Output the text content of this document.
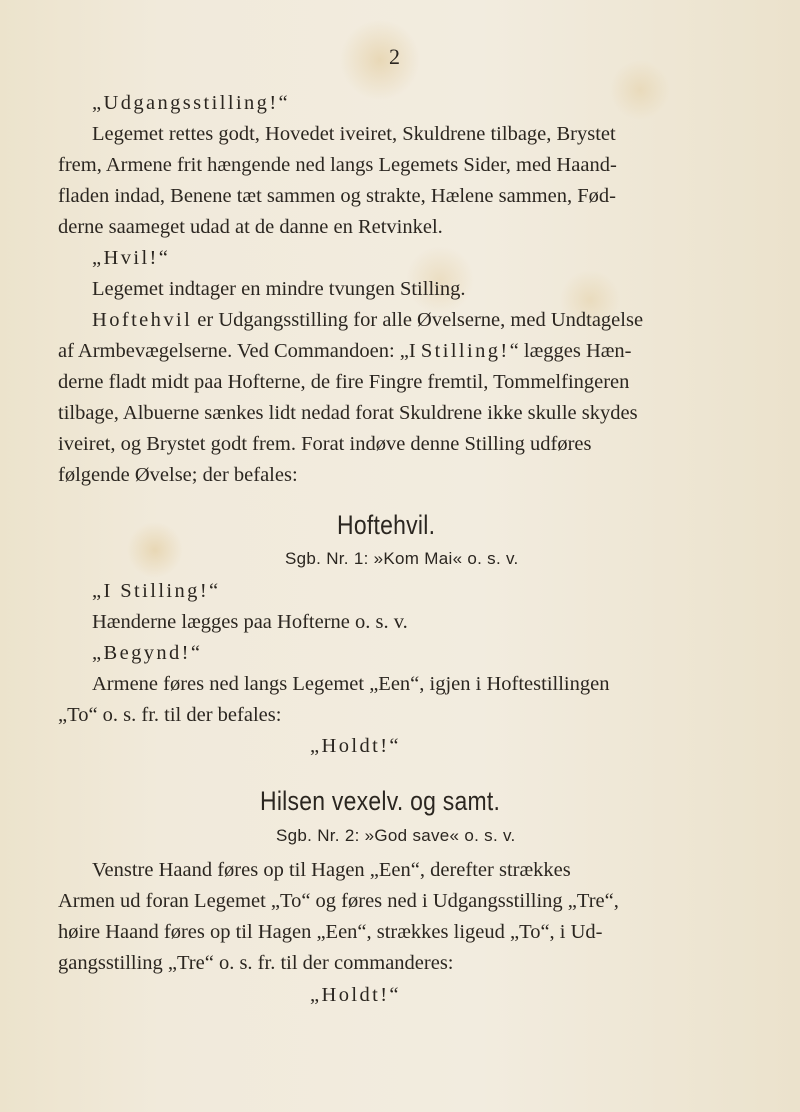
2
„Udgangsstilling!“
Legemet rettes godt, Hovedet iveiret, Skuldrene tilbage, Brystet
frem, Armene frit hængende ned langs Legemets Sider, med Haand-
fladen indad, Benene tæt sammen og strakte, Hælene sammen, Fød-
derne saameget udad at de danne en Retvinkel.
„Hvil!“
Legemet indtager en mindre tvungen Stilling.
Hoftehvil er Udgangsstilling for alle Øvelserne, med Undtagelse
af Armbevægelserne. Ved Commandoen: „I Stilling!“ lægges Hæn-
derne fladt midt paa Hofterne, de fire Fingre fremtil, Tommelfingeren
tilbage, Albuerne sænkes lidt nedad forat Skuldrene ikke skulle skydes
iveiret, og Brystet godt frem. Forat indøve denne Stilling udføres
følgende Øvelse; der befales:
Hoftehvil.
Sgb. Nr. 1: »Kom Mai« o. s. v.
„I Stilling!“
Hænderne lægges paa Hofterne o. s. v.
„Begynd!“
Armene føres ned langs Legemet „Een“, igjen i Hoftestillingen
„To“ o. s. fr. til der befales:
„Holdt!“
Hilsen vexelv. og samt.
Sgb. Nr. 2: »God save« o. s. v.
Venstre Haand føres op til Hagen „Een“, derefter strækkes
Armen ud foran Legemet „To“ og føres ned i Udgangsstilling „Tre“,
høire Haand føres op til Hagen „Een“, strækkes ligeud „To“, i Ud-
gangsstilling „Tre“ o. s. fr. til der commanderes:
„Holdt!“
